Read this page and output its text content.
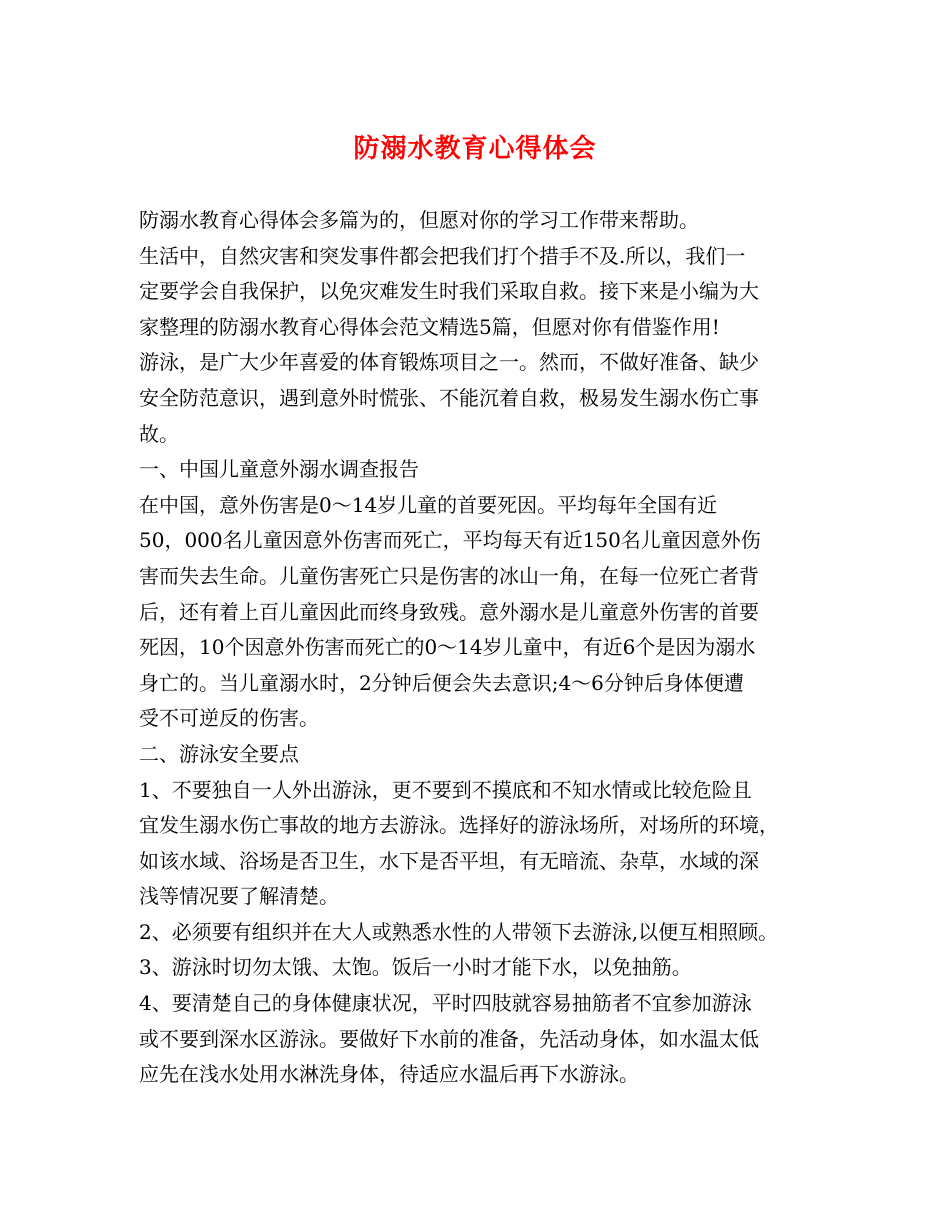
防溺水教育心得体会
防溺水教育心得体会多篇为的，但愿对你的学习工作带来帮助。
生活中，自然灾害和突发事件都会把我们打个措手不及.所以，我们一
定要学会自我保护，以免灾难发生时我们采取自救。接下来是小编为大
家整理的防溺水教育心得体会范文精选5篇，但愿对你有借鉴作用!
游泳，是广大少年喜爱的体育锻炼项目之一。然而，不做好准备、缺少
安全防范意识，遇到意外时慌张、不能沉着自救，极易发生溺水伤亡事
故。
一、中国儿童意外溺水调查报告
在中国，意外伤害是0～14岁儿童的首要死因。平均每年全国有近
50，000名儿童因意外伤害而死亡，平均每天有近150名儿童因意外伤
害而失去生命。儿童伤害死亡只是伤害的冰山一角，在每一位死亡者背
后，还有着上百儿童因此而终身致残。意外溺水是儿童意外伤害的首要
死因，10个因意外伤害而死亡的0～14岁儿童中，有近6个是因为溺水
身亡的。当儿童溺水时，2分钟后便会失去意识;4～6分钟后身体便遭
受不可逆反的伤害。
二、游泳安全要点
1、不要独自一人外出游泳，更不要到不摸底和不知水情或比较危险且
宜发生溺水伤亡事故的地方去游泳。选择好的游泳场所，对场所的环境，
如该水域、浴场是否卫生，水下是否平坦，有无暗流、杂草，水域的深
浅等情况要了解清楚。
2、必须要有组织并在大人或熟悉水性的人带领下去游泳,以便互相照顾。
3、游泳时切勿太饿、太饱。饭后一小时才能下水，以免抽筋。
4、要清楚自己的身体健康状况，平时四肢就容易抽筋者不宜参加游泳
或不要到深水区游泳。要做好下水前的准备，先活动身体，如水温太低
应先在浅水处用水淋洗身体，待适应水温后再下水游泳。
